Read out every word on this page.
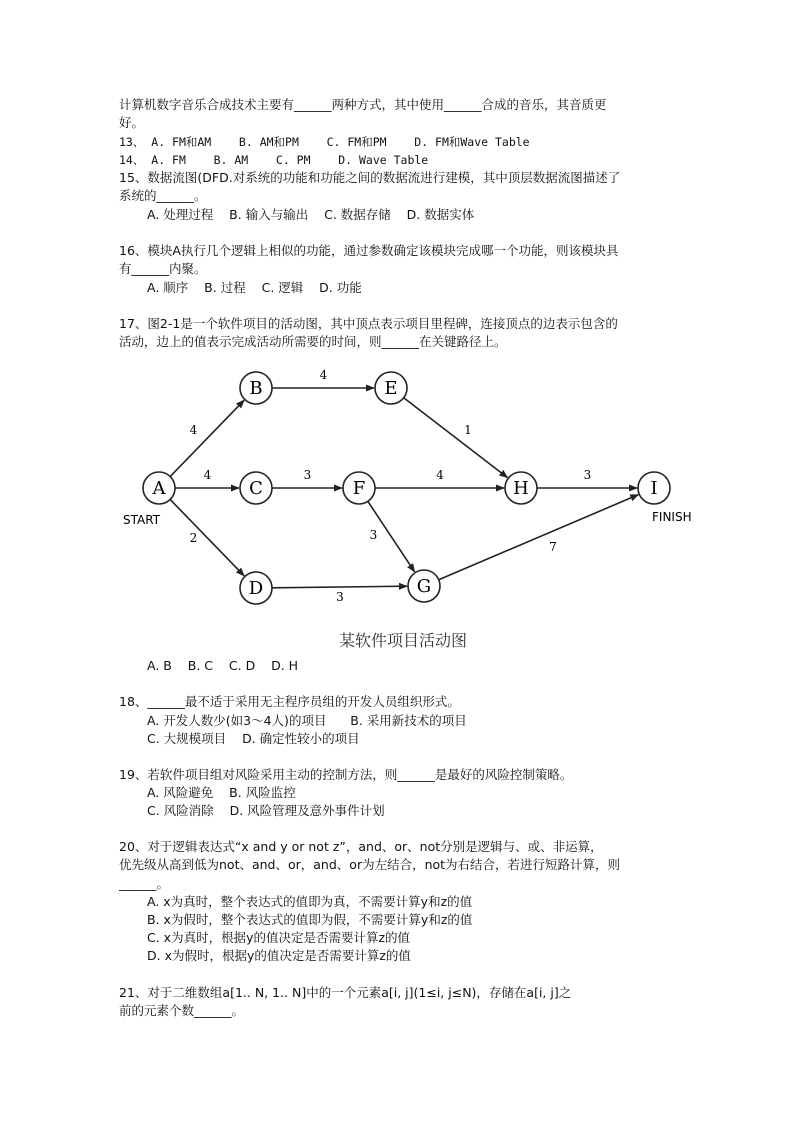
计算机数字音乐合成技术主要有______两种方式，其中使用______合成的音乐，其音质更
好。
13、 A. FM和AM    B. AM和PM    C. FM和PM    D. FM和Wave Table
14、 A. FM    B. AM    C. PM    D. Wave Table
15、数据流图(DFD.对系统的功能和功能之间的数据流进行建模，其中顶层数据流图描述了
系统的______。
A. 处理过程    B. 输入与输出    C. 数据存储    D. 数据实体
16、模块A执行几个逻辑上相似的功能，通过参数确定该模块完成哪一个功能，则该模块具
有______内聚。
A. 顺序    B. 过程    C. 逻辑    D. 功能
17、图2-1是一个软件项目的活动图，其中顶点表示项目里程碑，连接顶点的边表示包含的
活动，边上的值表示完成活动所需要的时间，则______在关键路径上。
A. B    B. C    C. D    D. H
18、______最不适于采用无主程序员组的开发人员组织形式。
A. 开发人数少(如3～4人)的项目      B. 采用新技术的项目
C. 大规模项目    D. 确定性较小的项目
19、若软件项目组对风险采用主动的控制方法，则______是最好的风险控制策略。
A. 风险避免    B. 风险监控
C. 风险消除    D. 风险管理及意外事件计划
20、对于逻辑表达式“x and y or not z”，and、or、not分别是逻辑与、或、非运算，
优先级从高到低为not、and、or，and、or为左结合，not为右结合，若进行短路计算，则
______。
A. x为真时，整个表达式的值即为真，不需要计算y和z的值
B. x为假时，整个表达式的值即为假，不需要计算y和z的值
C. x为真时，根据y的值决定是否需要计算z的值
D. x为假时，根据y的值决定是否需要计算z的值
21、对于二维数组a[1.. N, 1.. N]中的一个元素a[i, j](1≤i, j≤N)，存储在a[i, j]之
前的元素个数______。
4
4
2
4
3
3
1
4
3
3
7
A
B
C
D
E
F
G
H	I
START	FINISH
某软件项目活动图
